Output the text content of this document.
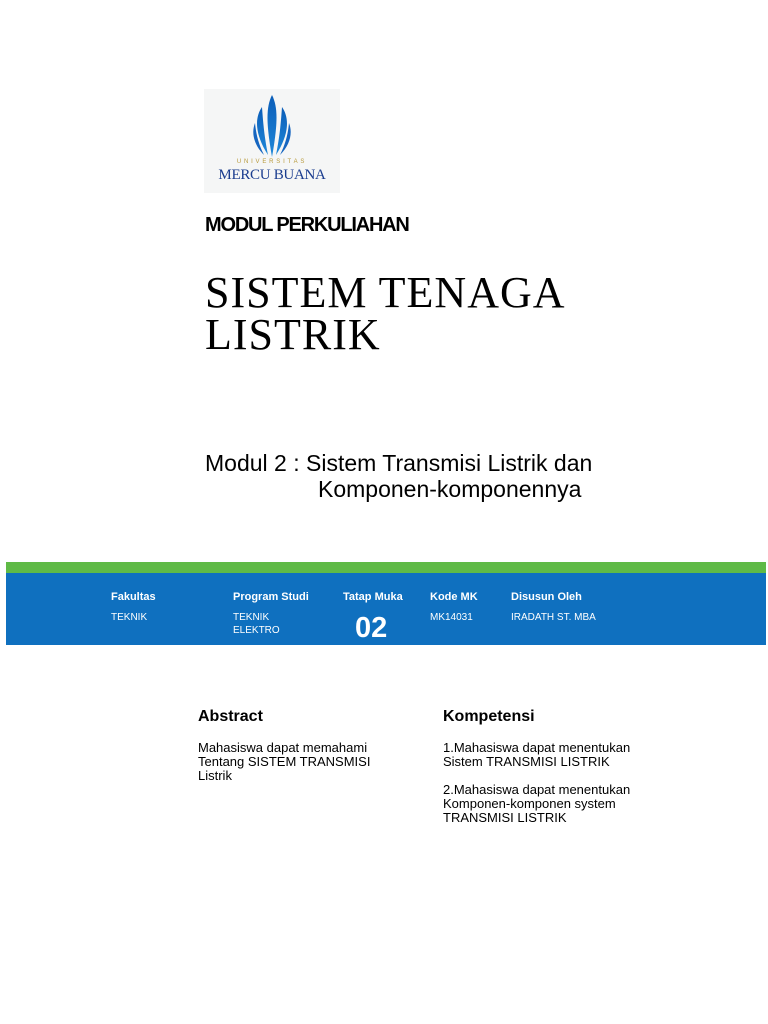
UNIVERSITAS
MERCU BUANA
MODUL PERKULIAHAN
SISTEM TENAGA
LISTRIK
Modul 2 : Sistem Transmisi Listrik dan
Komponen-komponennya
Fakultas
TEKNIK
Program Studi
TEKNIK
ELEKTRO
Tatap Muka
02
Kode MK
MK14031
Disusun Oleh
IRADATH ST. MBA
Abstract
Mahasiswa dapat memahami
Tentang SISTEM TRANSMISI
Listrik
Kompetensi
1.Mahasiswa dapat menentukan
Sistem TRANSMISI LISTRIK
2.Mahasiswa dapat menentukan
Komponen-komponen system
TRANSMISI LISTRIK
